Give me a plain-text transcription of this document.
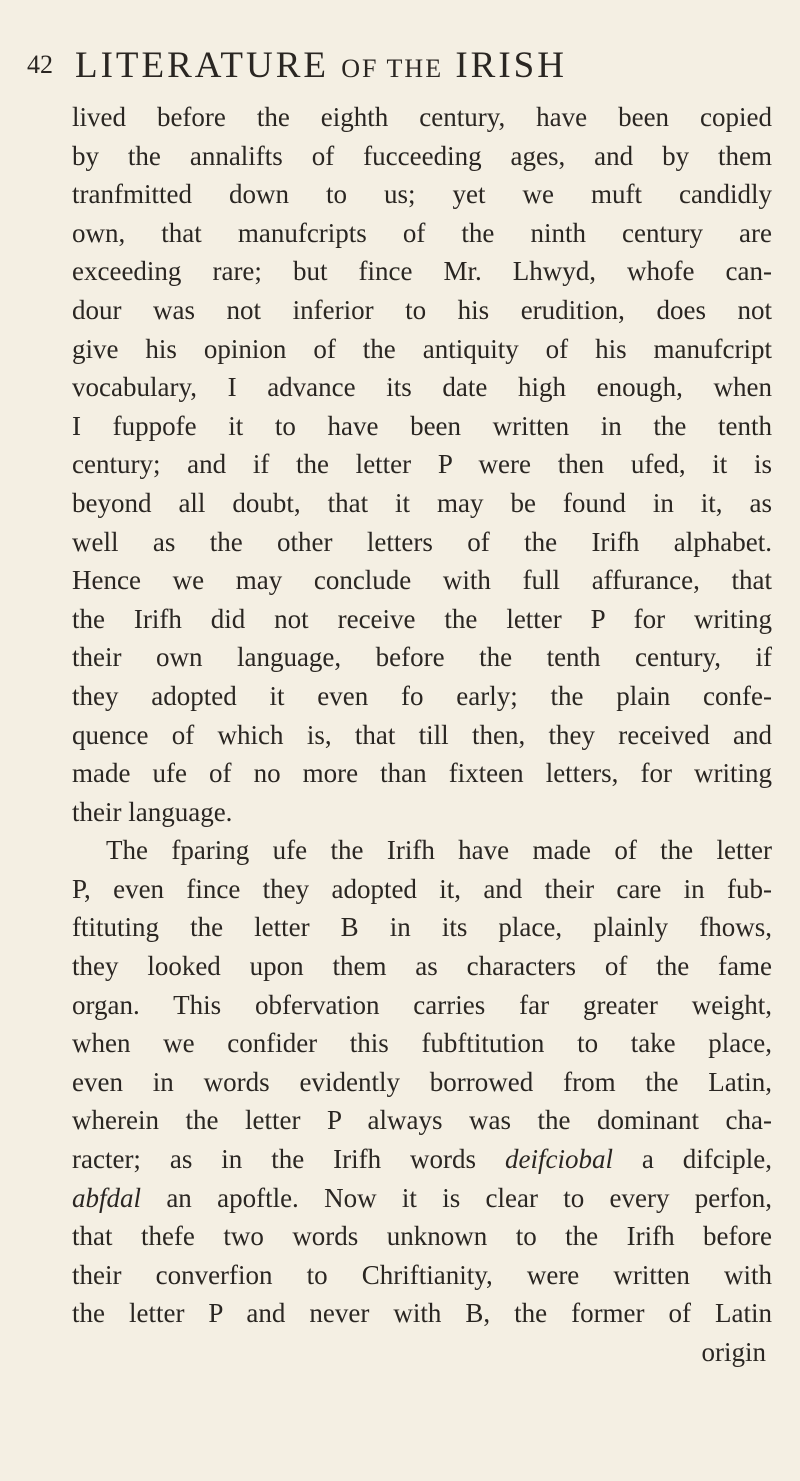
42 LITERATURE OF THE IRISH
lived before the eighth century, have been copied
by the annalifts of fucceeding ages, and by them
tranfmitted down to us; yet we muft candidly
own, that manufcripts of the ninth century are
exceeding rare; but fince Mr. Lhwyd, whofe can-
dour was not inferior to his erudition, does not
give his opinion of the antiquity of his manufcript
vocabulary, I advance its date high enough, when
I fuppofe it to have been written in the tenth
century; and if the letter P were then ufed, it is
beyond all doubt, that it may be found in it, as
well as the other letters of the Irifh alphabet.
Hence we may conclude with full affurance, that
the Irifh did not receive the letter P for writing
their own language, before the tenth century, if
they adopted it even fo early; the plain confe-
quence of which is, that till then, they received and
made ufe of no more than fixteen letters, for writing
their language.
The fparing ufe the Irifh have made of the letter
P, even fince they adopted it, and their care in fub-
ftituting the letter B in its place, plainly fhows,
they looked upon them as characters of the fame
organ. This obfervation carries far greater weight,
when we confider this fubftitution to take place,
even in words evidently borrowed from the Latin,
wherein the letter P always was the dominant cha-
racter; as in the Irifh words deifciobal a difciple,
abfdal an apoftle. Now it is clear to every perfon,
that thefe two words unknown to the Irifh before
their converfion to Chriftianity, were written with
the letter P and never with B, the former of Latin
origin
